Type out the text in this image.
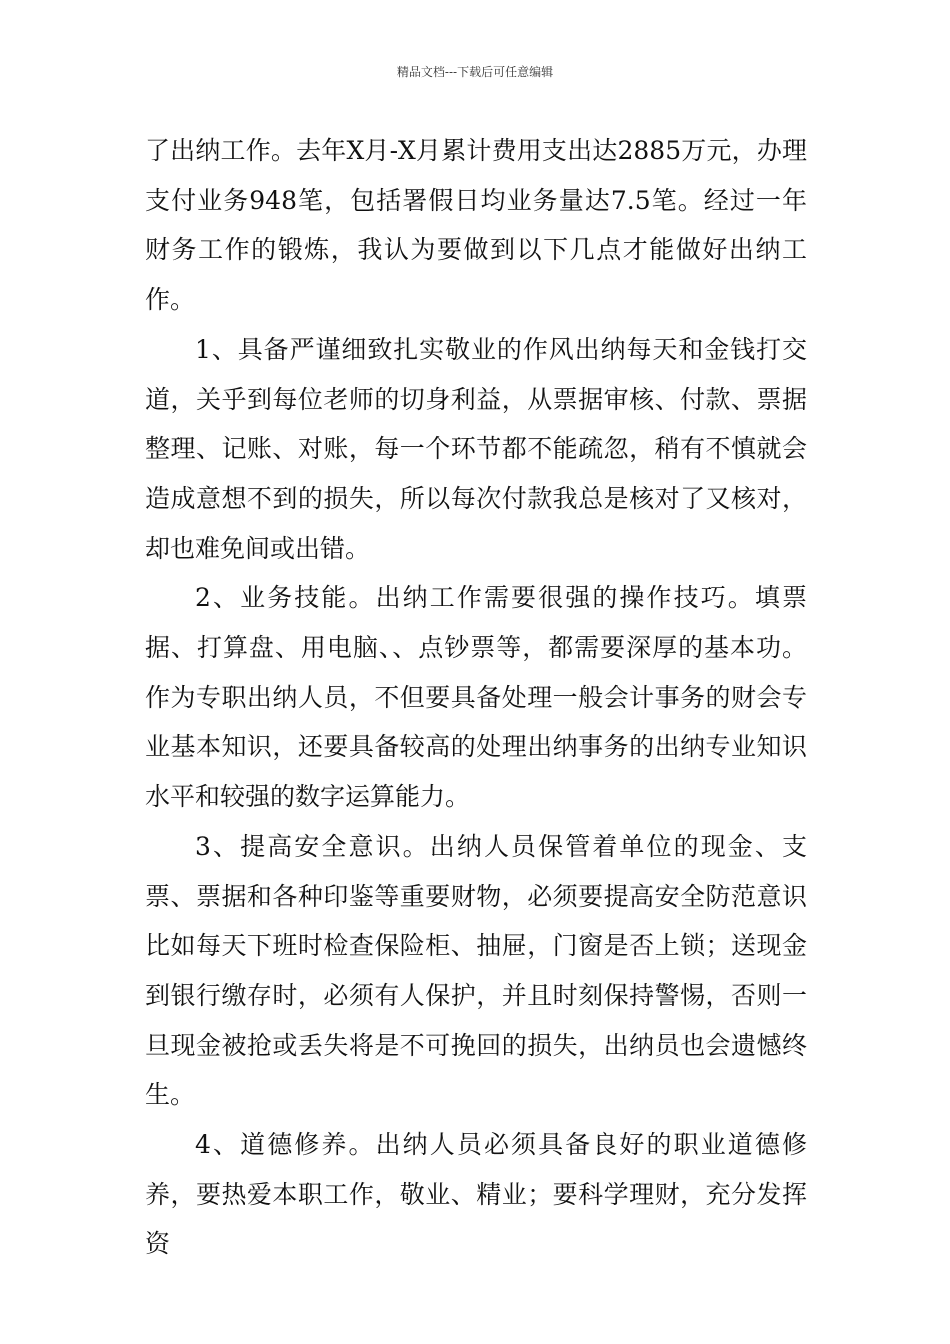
精品文档---下载后可任意编辑

了出纳工作。去年X月-X月累计费用支出达2885万元，办理支付业务948笔，包括署假日均业务量达7.5笔。经过一年财务工作的锻炼，我认为要做到以下几点才能做好出纳工作。

1、具备严谨细致扎实敬业的作风出纳每天和金钱打交道，关乎到每位老师的切身利益，从票据审核、付款、票据整理、记账、对账，每一个环节都不能疏忽，稍有不慎就会造成意想不到的损失，所以每次付款我总是核对了又核对，却也难免间或出错。

2、业务技能。出纳工作需要很强的操作技巧。填票据、打算盘、用电脑、、点钞票等，都需要深厚的基本功。作为专职出纳人员，不但要具备处理一般会计事务的财会专业基本知识，还要具备较高的处理出纳事务的出纳专业知识水平和较强的数字运算能力。

3、提高安全意识。出纳人员保管着单位的现金、支票、票据和各种印鉴等重要财物，必须要提高安全防范意识比如每天下班时检查保险柜、抽屉，门窗是否上锁；送现金到银行缴存时，必须有人保护，并且时刻保持警惕，否则一旦现金被抢或丢失将是不可挽回的损失，出纳员也会遗憾终生。

4、道德修养。出纳人员必须具备良好的职业道德修养，要热爱本职工作，敬业、精业；要科学理财，充分发挥资
